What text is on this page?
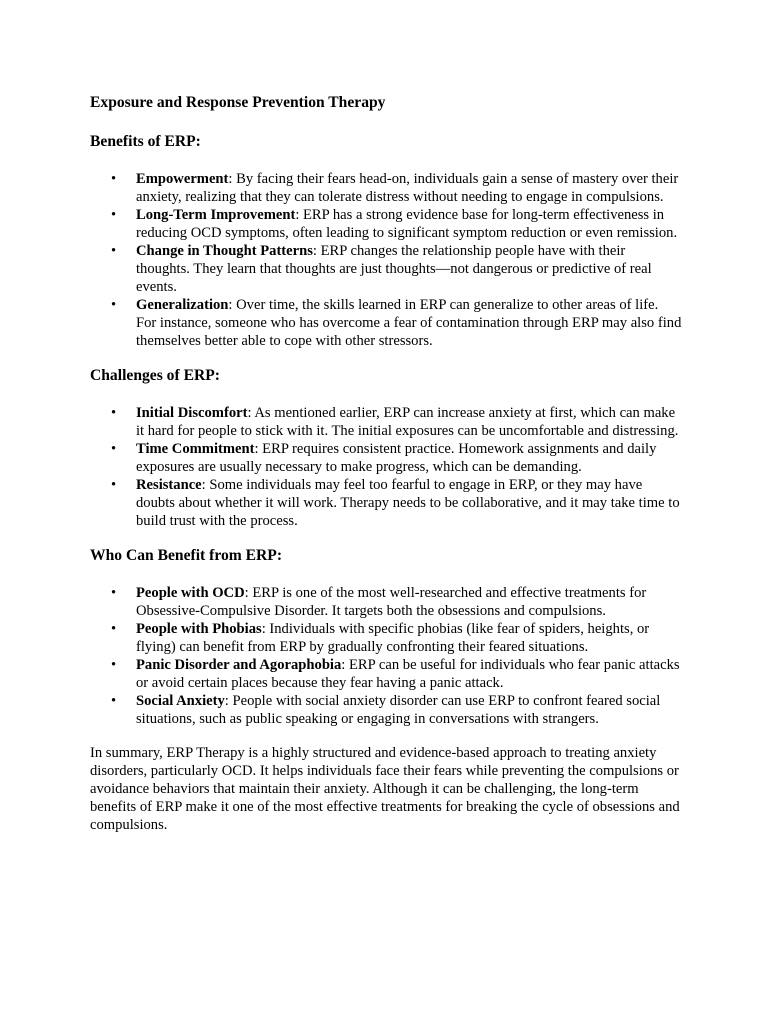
Exposure and Response Prevention Therapy
Benefits of ERP:
• Empowerment: By facing their fears head-on, individuals gain a sense of mastery over their anxiety, realizing that they can tolerate distress without needing to engage in compulsions.
• Long-Term Improvement: ERP has a strong evidence base for long-term effectiveness in reducing OCD symptoms, often leading to significant symptom reduction or even remission.
• Change in Thought Patterns: ERP changes the relationship people have with their thoughts. They learn that thoughts are just thoughts—not dangerous or predictive of real events.
• Generalization: Over time, the skills learned in ERP can generalize to other areas of life. For instance, someone who has overcome a fear of contamination through ERP may also find themselves better able to cope with other stressors.
Challenges of ERP:
• Initial Discomfort: As mentioned earlier, ERP can increase anxiety at first, which can make it hard for people to stick with it. The initial exposures can be uncomfortable and distressing.
• Time Commitment: ERP requires consistent practice. Homework assignments and daily exposures are usually necessary to make progress, which can be demanding.
• Resistance: Some individuals may feel too fearful to engage in ERP, or they may have doubts about whether it will work. Therapy needs to be collaborative, and it may take time to build trust with the process.
Who Can Benefit from ERP:
• People with OCD: ERP is one of the most well-researched and effective treatments for Obsessive-Compulsive Disorder. It targets both the obsessions and compulsions.
• People with Phobias: Individuals with specific phobias (like fear of spiders, heights, or flying) can benefit from ERP by gradually confronting their feared situations.
• Panic Disorder and Agoraphobia: ERP can be useful for individuals who fear panic attacks or avoid certain places because they fear having a panic attack.
• Social Anxiety: People with social anxiety disorder can use ERP to confront feared social situations, such as public speaking or engaging in conversations with strangers.

In summary, ERP Therapy is a highly structured and evidence-based approach to treating anxiety disorders, particularly OCD. It helps individuals face their fears while preventing the compulsions or avoidance behaviors that maintain their anxiety. Although it can be challenging, the long-term benefits of ERP make it one of the most effective treatments for breaking the cycle of obsessions and compulsions.
